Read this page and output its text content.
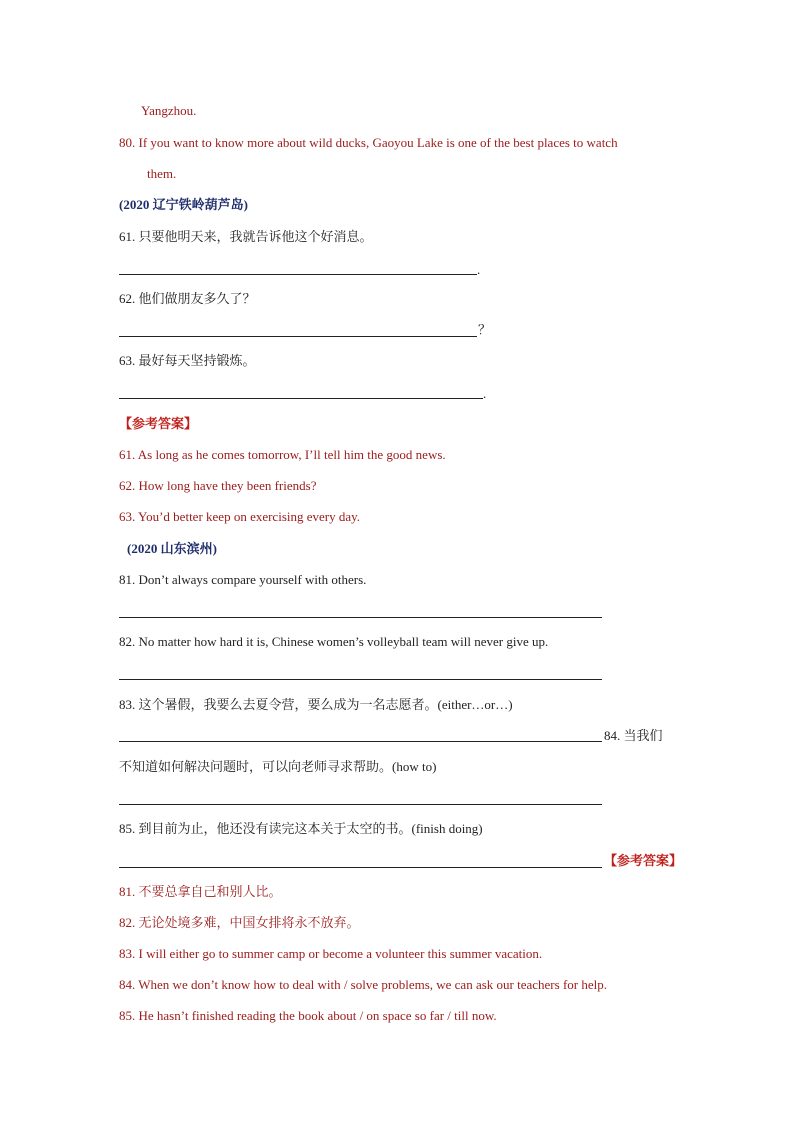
Yangzhou.
80. If you want to know more about wild ducks, Gaoyou Lake is one of the best places to watch
them.
(2020 辽宁铁岭葫芦岛)
61. 只要他明天来，我就告诉他这个好消息。
.
62. 他们做朋友多久了？
？
63. 最好每天坚持锻炼。
.
【参考答案】
61. As long as he comes tomorrow, I’ll tell him the good news.
62. How long have they been friends?
63. You’d better keep on exercising every day.
(2020 山东滨州)
81. Don’t always compare yourself with others.
82. No matter how hard it is, Chinese women’s volleyball team will never give up.
83. 这个暑假，我要么去夏令营，要么成为一名志愿者。(either…or…)
84. 当我们
不知道如何解决问题时，可以向老师寻求帮助。(how to)
85. 到目前为止，他还没有读完这本关于太空的书。(finish doing)
【参考答案】
81. 不要总拿自己和别人比。
82. 无论处境多难，中国女排将永不放弃。
83. I will either go to summer camp or become a volunteer this summer vacation.
84. When we don’t know how to deal with / solve problems, we can ask our teachers for help.
85. He hasn’t finished reading the book about / on space so far / till now.
